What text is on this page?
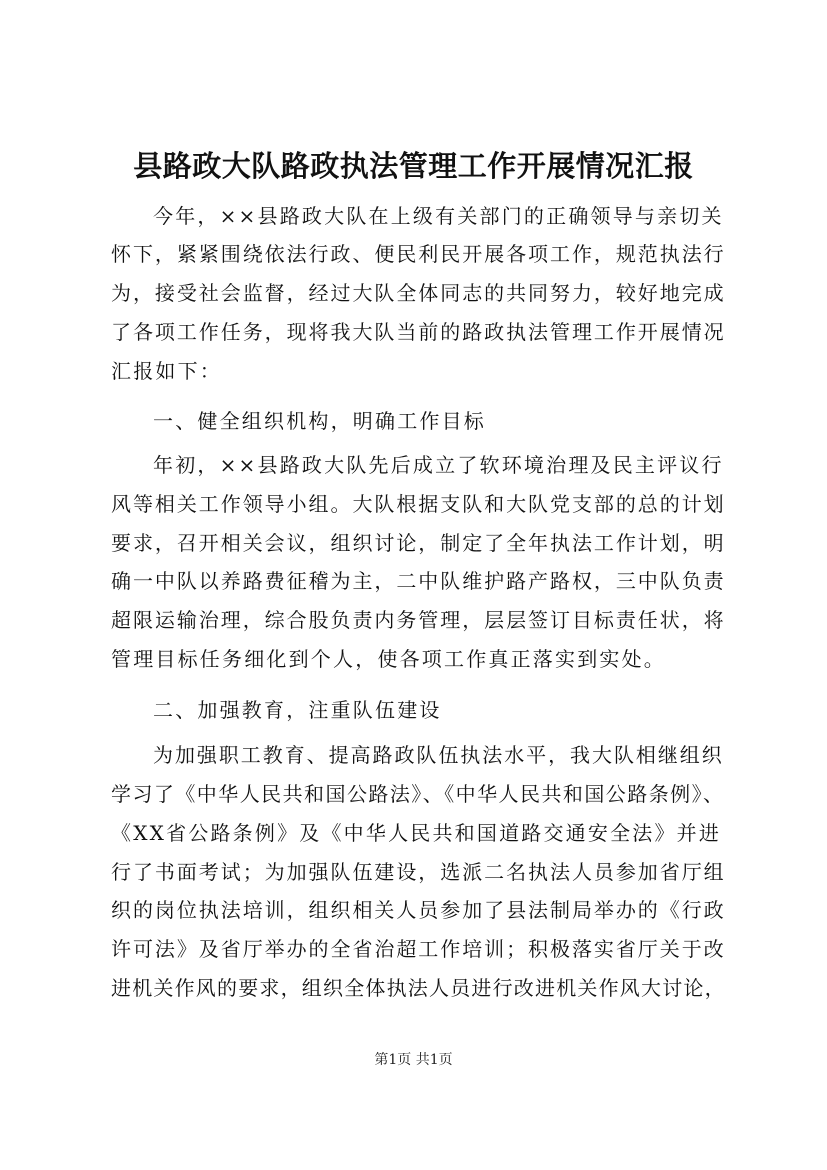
县路政大队路政执法管理工作开展情况汇报

今年，××县路政大队在上级有关部门的正确领导与亲切关

怀下，紧紧围绕依法行政、便民利民开展各项工作，规范执法行

为，接受社会监督，经过大队全体同志的共同努力，较好地完成

了各项工作任务，现将我大队当前的路政执法管理工作开展情况

汇报如下：

一、健全组织机构，明确工作目标

年初，××县路政大队先后成立了软环境治理及民主评议行

风等相关工作领导小组。大队根据支队和大队党支部的总的计划

要求，召开相关会议，组织讨论，制定了全年执法工作计划，明

确一中队以养路费征稽为主，二中队维护路产路权，三中队负责

超限运输治理，综合股负责内务管理，层层签订目标责任状，将

管理目标任务细化到个人，使各项工作真正落实到实处。

二、加强教育，注重队伍建设

为加强职工教育、提高路政队伍执法水平，我大队相继组织

学习了《中华人民共和国公路法》、《中华人民共和国公路条例》、

《XX省公路条例》及《中华人民共和国道路交通安全法》并进

行了书面考试；为加强队伍建设，选派二名执法人员参加省厅组

织的岗位执法培训，组织相关人员参加了县法制局举办的《行政

许可法》及省厅举办的全省治超工作培训；积极落实省厅关于改

进机关作风的要求，组织全体执法人员进行改进机关作风大讨论，

第1页 共1页
